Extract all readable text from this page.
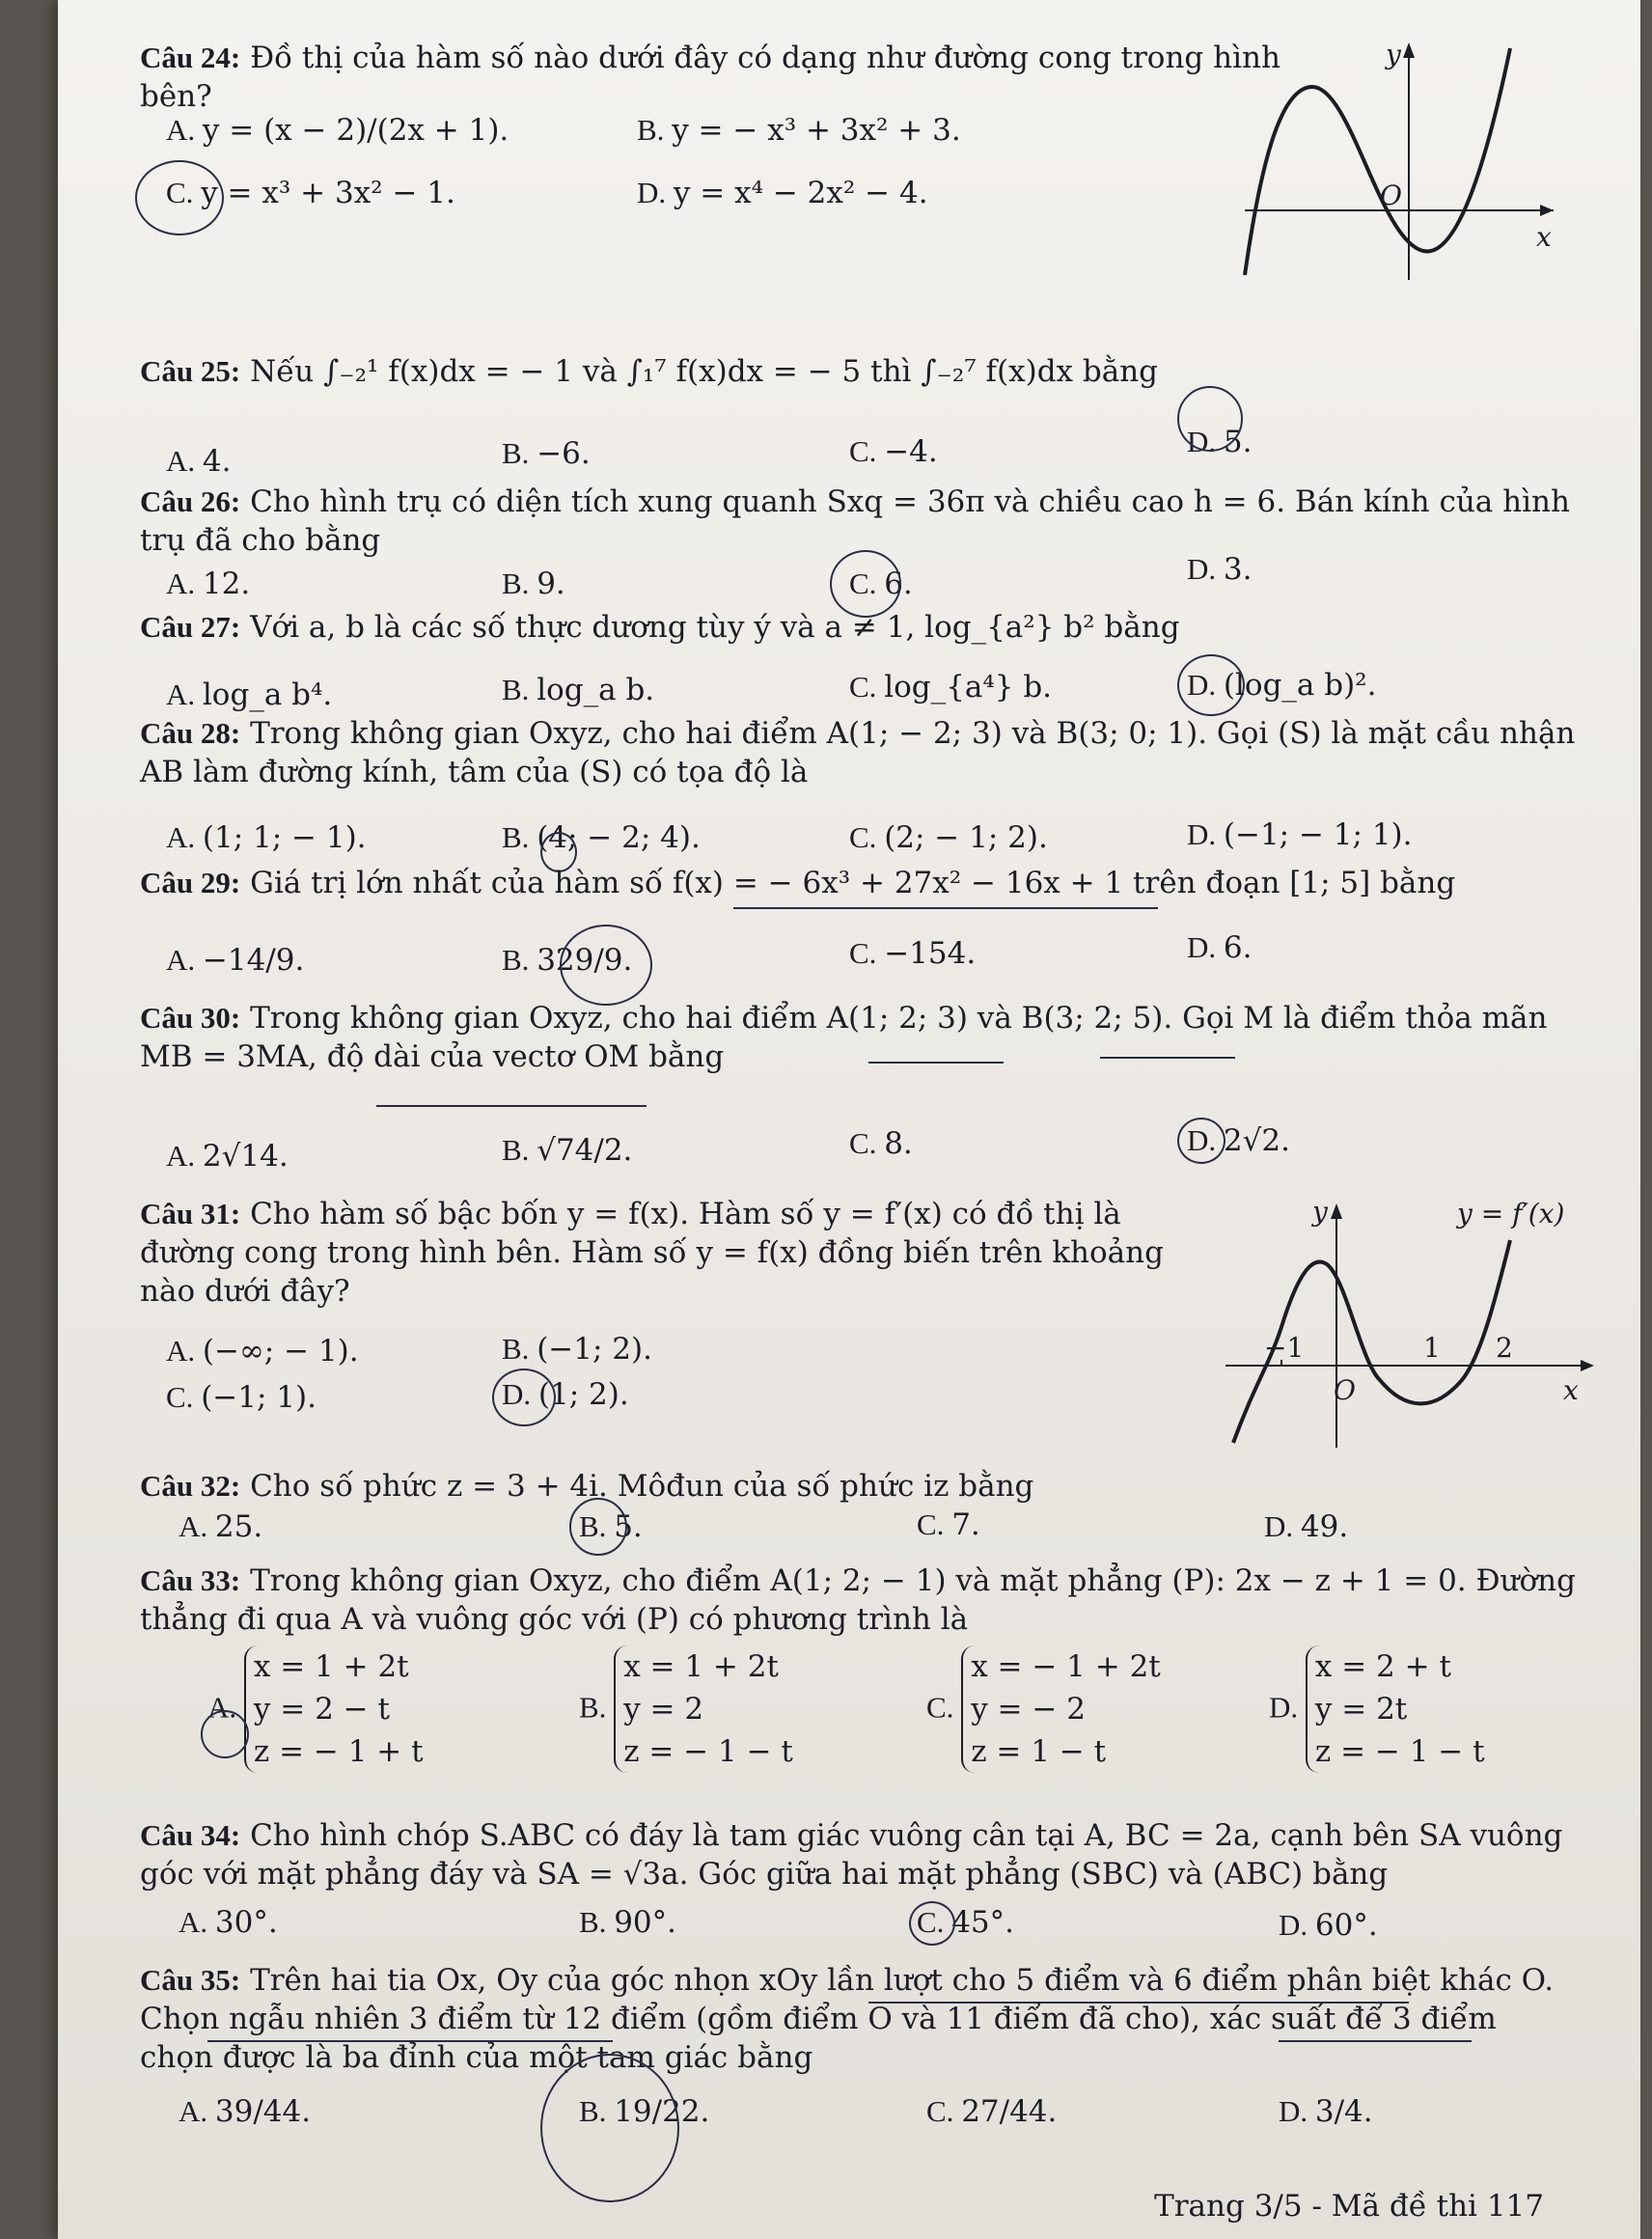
Câu 24: Đồ thị của hàm số nào dưới đây có dạng như đường cong trong hình bên?
A. y = (x − 2)/(2x + 1).	B. y = − x³ + 3x² + 3.
C. y = x³ + 3x² − 1.	D. y = x⁴ − 2x² − 4.
y
x
O
Câu 25: Nếu ∫₋₂¹ f(x)dx = − 1 và ∫₁⁷ f(x)dx = − 5 thì ∫₋₂⁷ f(x)dx bằng
A. 4.	B. −6.	C. −4.	D. 5.
Câu 26: Cho hình trụ có diện tích xung quanh Sxq = 36π và chiều cao h = 6. Bán kính của hình trụ đã cho bằng
A. 12.	B. 9.	C. 6.	D. 3.
Câu 27: Với a, b là các số thực dương tùy ý và a ≠ 1, log_{a²} b² bằng
A. log_a b⁴.	B. log_a b.	C. log_{a⁴} b.	D. (log_a b)².
Câu 28: Trong không gian Oxyz, cho hai điểm A(1; − 2; 3) và B(3; 0; 1). Gọi (S) là mặt cầu nhận AB làm đường kính, tâm của (S) có tọa độ là
A. (1; 1; − 1).	B. (4; − 2; 4).	C. (2; − 1; 2).	D. (−1; − 1; 1).
Câu 29: Giá trị lớn nhất của hàm số f(x) = − 6x³ + 27x² − 16x + 1 trên đoạn [1; 5] bằng
A. −14/9.	B. 329/9.	C. −154.	D. 6.
Câu 30: Trong không gian Oxyz, cho hai điểm A(1; 2; 3) và B(3; 2; 5). Gọi M là điểm thỏa mãn MB = 3MA, độ dài của vectơ OM bằng
A. 2√14.	B. √74/2.	C. 8.	D. 2√2.
Câu 31: Cho hàm số bậc bốn y = f(x). Hàm số y = f′(x) có đồ thị là đường cong trong hình bên. Hàm số y = f(x) đồng biến trên khoảng nào dưới đây?
A. (−∞; − 1).	B. (−1; 2).
C. (−1; 1).	D. (1; 2).
y	y = f′(x)
x
O
−1	1 2
Câu 32: Cho số phức z = 3 + 4i. Môđun của số phức iz bằng
A. 25.	B. 5.	C. 7.	D. 49.
Câu 33: Trong không gian Oxyz, cho điểm A(1; 2; − 1) và mặt phẳng (P): 2x − z + 1 = 0. Đường thẳng đi qua A và vuông góc với (P) có phương trình là
A.
x = 1 + 2t
y = 2 − t
z = − 1 + t
B.
x = 1 + 2t
y = 2
z = − 1 − t
C.
x = − 1 + 2t
y = − 2
z = 1 − t
D.
x = 2 + t
y = 2t
z = − 1 − t
Câu 34: Cho hình chóp S.ABC có đáy là tam giác vuông cân tại A, BC = 2a, cạnh bên SA vuông góc với mặt phẳng đáy và SA = √3a. Góc giữa hai mặt phẳng (SBC) và (ABC) bằng
A. 30°.	B. 90°.	C. 45°.	D. 60°.
Câu 35: Trên hai tia Ox, Oy của góc nhọn xOy lần lượt cho 5 điểm và 6 điểm phân biệt khác O. Chọn ngẫu nhiên 3 điểm từ 12 điểm (gồm điểm O và 11 điểm đã cho), xác suất để 3 điểm chọn được là ba đỉnh của một tam giác bằng
A. 39/44.	B. 19/22.	C. 27/44.	D. 3/4.
Trang 3/5 - Mã đề thi 117
